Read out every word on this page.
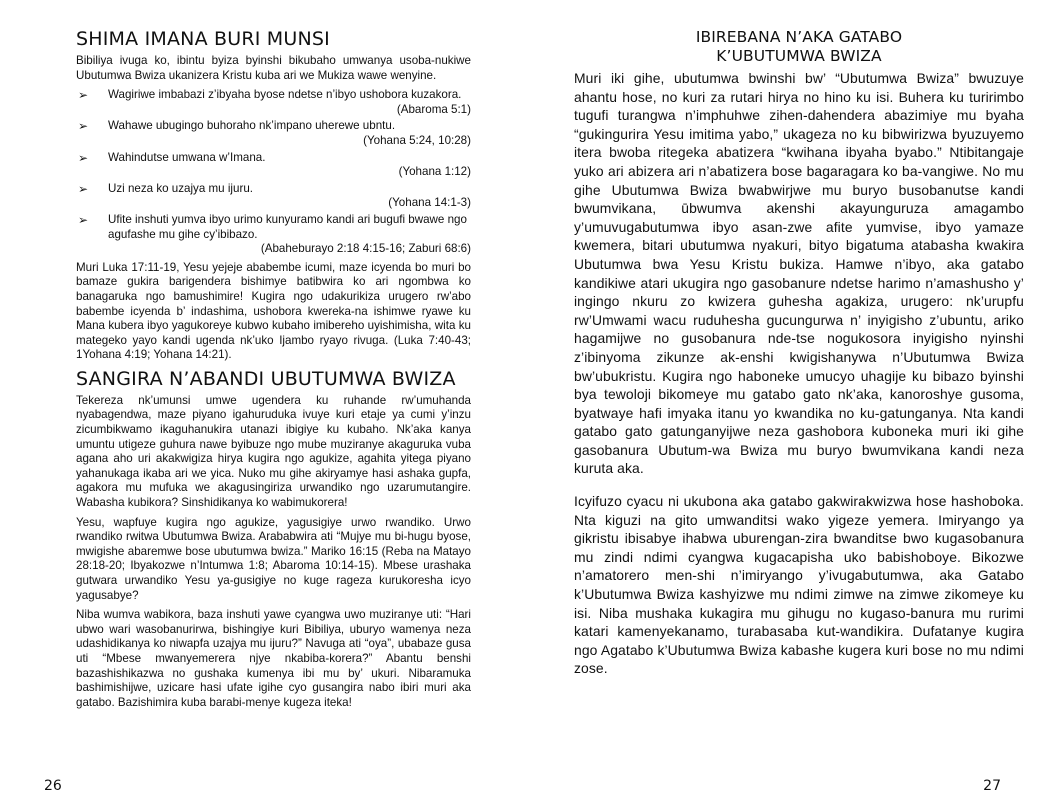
SHIMA IMANA BURI MUNSI

Bibiliya ivuga ko, ibintu byiza byinshi bikubaho umwanya usoba-nukiwe Ubutumwa Bwiza ukanizera Kristu kuba ari we Mukiza wawe wenyine.

➢ Wagiriwe imbabazi z’ibyaha byose ndetse n’ibyo ushobora kuzakora.
(Abaroma 5:1)
➢ Wahawe ubugingo buhoraho nk’impano uherewe ubntu.
(Yohana 5:24, 10:28)
➢ Wahindutse umwana w’Imana.
(Yohana 1:12)
➢ Uzi neza ko uzajya mu ijuru.
(Yohana 14:1-3)
➢ Ufite inshuti yumva ibyo urimo kunyuramo kandi ari bugufi bwawe ngo agufashe mu gihe cy’ibibazo.
(Abaheburayo 2:18 4:15-16; Zaburi 68:6)

Muri Luka 17:11-19, Yesu yejeje ababembe icumi, maze icyenda bo muri bo bamaze gukira barigendera bishimye batibwira ko ari ngombwa ko banagaruka ngo bamushimire! Kugira ngo udakurikiza urugero rw’abo babembe icyenda b’ indashima, ushobora kwereka-na ishimwe ryawe ku Mana kubera ibyo yagukoreye kubwo kubaho imibereho uyishimisha, wita ku mategeko yayo kandi ugenda nk’uko Ijambo ryayo rivuga. (Luka 7:40-43; 1Yohana 4:19; Yohana 14:21).

SANGIRA N’ABANDI UBUTUMWA BWIZA

Tekereza nk’umunsi umwe ugendera ku ruhande rw’umuhanda nyabagendwa, maze piyano igahuruduka ivuye kuri etaje ya cumi y’inzu zicumbikwamo ikaguhanukira utanazi ibigiye ku kubaho. Nk’aka kanya umuntu utigeze guhura nawe byibuze ngo mube muziranye akaguruka vuba agana aho uri akakwigiza hirya kugira ngo agukize, agahita yitega piyano yahanukaga ikaba ari we yica. Nuko mu gihe akiryamye hasi ashaka gupfa, agakora mu mufuka we akagusingiriza urwandiko ngo uzarumutangire. Wabasha kubikora? Sinshidikanya ko wabimukorera!

Yesu, wapfuye kugira ngo agukize, yagusigiye urwo rwandiko. Urwo rwandiko rwitwa Ubutumwa Bwiza. Arababwira ati “Mujye mu bi-hugu byose, mwigishe abaremwe bose ubutumwa bwiza.” Mariko 16:15 (Reba na Matayo 28:18-20; Ibyakozwe n’Intumwa 1:8; Abaroma 10:14-15). Mbese urashaka gutwara urwandiko Yesu ya-gusigiye no kuge rageza kurukoresha icyo yagusabye?

Niba wumva wabikora, baza inshuti yawe cyangwa uwo muziranye uti: “Hari ubwo wari wasobanurirwa, bishingiye kuri Bibiliya, uburyo wamenya neza udashidikanya ko niwapfa uzajya mu ijuru?” Navuga ati “oya”, ubabaze gusa uti “Mbese mwanyemerera njye nkabiba-korera?” Abantu benshi bazashishikazwa no gushaka kumenya ibi mu by’ ukuri. Nibaramuka bashimishijwe, uzicare hasi ufate igihe cyo gusangira nabo ibiri muri aka gatabo. Bazishimira kuba barabi-menye kugeza iteka!

26
IBIREBANA N’AKA GATABO
K’UBUTUMWA BWIZA

Muri iki gihe, ubutumwa bwinshi bw’ “Ubutumwa Bwiza” bwuzuye ahantu hose, no kuri za rutari hirya no hino ku isi. Buhera ku turirimbo tugufi turangwa n’imphuhwe zihen-dahendera abazimiye mu byaha “gukingurira Yesu imitima yabo,” ukageza no ku bibwirizwa byuzuyemo itera bwoba ritegeka abatizera “kwihana ibyaha byabo.” Ntibitangaje yuko ari abizera ari n’abatizera bose bagaragara ko ba-vangiwe. No mu gihe Ubutumwa Bwiza bwabwirjwe mu buryo busobanutse kandi bwumvikana, ūbwumva akenshi akayunguruza amagambo y’umuvugabutumwa ibyo asan-zwe afite yumvise, ibyo yamaze kwemera, bitari ubutumwa nyakuri, bityo bigatuma atabasha kwakira Ubutumwa bwa Yesu Kristu bukiza. Hamwe n’ibyo, aka gatabo kandikiwe atari ukugira ngo gasobanure ndetse harimo n’amashusho y’ ingingo nkuru zo kwizera guhesha agakiza, urugero: nk’urupfu rw’Umwami wacu ruduhesha gucungurwa n’ inyigisho z’ubuntu, ariko hagamijwe no gusobanura nde-tse nogukosora inyigisho nyinshi z’ibinyoma zikunze ak-enshi kwigishanywa n’Ubutumwa Bwiza bw’ubukristu. Kugira ngo haboneke umucyo uhagije ku bibazo byinshi bya tewoloji bikomeye mu gatabo gato nk’aka, kanoroshye gusoma, byatwaye hafi imyaka itanu yo kwandika no ku-gatunganya. Nta kandi gatabo gato gatunganyijwe neza gashobora kuboneka muri iki gihe gasobanura Ubutum-wa Bwiza mu buryo bwumvikana kandi neza kuruta aka.

Icyifuzo cyacu ni ukubona aka gatabo gakwirakwizwa hose hashoboka. Nta kiguzi na gito umwanditsi wako yigeze yemera. Imiryango ya gikristu ibisabye ihabwa uburengan-zira bwanditse bwo kugasobanura mu zindi ndimi cyangwa kugacapisha uko babishoboye. Bikozwe n’amatorero men-shi n’imiryango y’ivugabutumwa, aka Gatabo k’Ubutumwa Bwiza kashyizwe mu ndimi zimwe na zimwe zikomeye ku isi. Niba mushaka kukagira mu gihugu no kugaso-banura mu rurimi katari kamenyekanamo, turabasaba kut-wandikira. Dufatanye kugira ngo Agatabo k’Ubutumwa Bwiza kabashe kugera kuri bose no mu ndimi zose.

27
